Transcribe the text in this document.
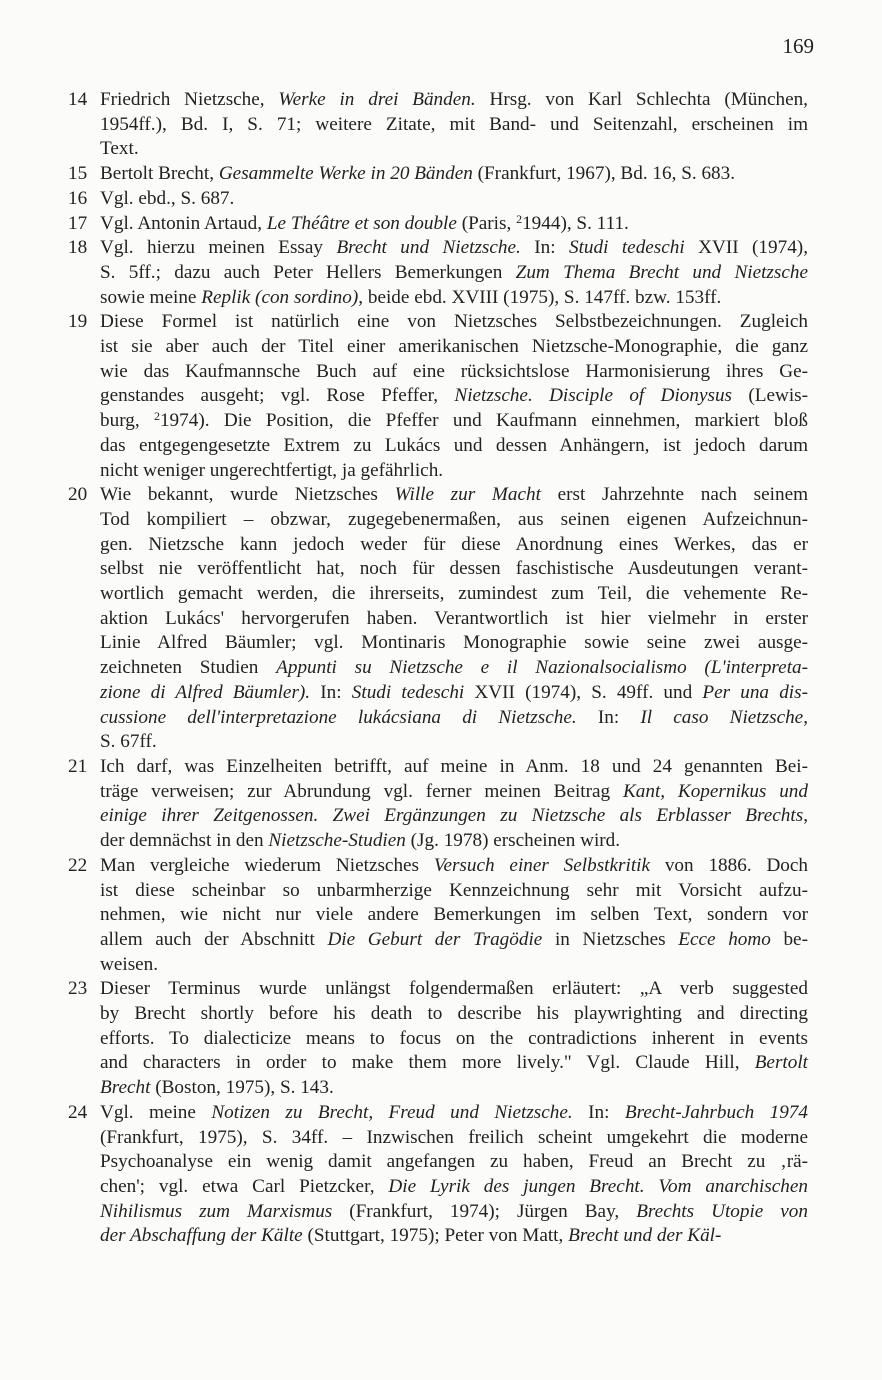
169
14 Friedrich Nietzsche, Werke in drei Bänden. Hrsg. von Karl Schlechta (München,
1954ff.), Bd. I, S. 71; weitere Zitate, mit Band- und Seitenzahl, erscheinen im
Text.
15 Bertolt Brecht, Gesammelte Werke in 20 Bänden (Frankfurt, 1967), Bd. 16, S. 683.
16 Vgl. ebd., S. 687.
17 Vgl. Antonin Artaud, Le Théâtre et son double (Paris, $^2$1944), S. 111.
18 Vgl. hierzu meinen Essay Brecht und Nietzsche. In: Studi tedeschi XVII (1974),
S. 5ff.; dazu auch Peter Hellers Bemerkungen Zum Thema Brecht und Nietzsche
sowie meine Replik (con sordino), beide ebd. XVIII (1975), S. 147ff. bzw. 153ff.
19 Diese Formel ist natürlich eine von Nietzsches Selbstbezeichnungen. Zugleich
ist sie aber auch der Titel einer amerikanischen Nietzsche-Monographie, die ganz
wie das Kaufmannsche Buch auf eine rücksichtslose Harmonisierung ihres Ge-
genstandes ausgeht; vgl. Rose Pfeffer, Nietzsche. Disciple of Dionysus (Lewis-
burg, $^2$1974). Die Position, die Pfeffer und Kaufmann einnehmen, markiert bloß
das entgegengesetzte Extrem zu Lukács und dessen Anhängern, ist jedoch darum
nicht weniger ungerechtfertigt, ja gefährlich.
20 Wie bekannt, wurde Nietzsches Wille zur Macht erst Jahrzehnte nach seinem
Tod kompiliert – obzwar, zugegebenermaßen, aus seinen eigenen Aufzeichnun-
gen. Nietzsche kann jedoch weder für diese Anordnung eines Werkes, das er
selbst nie veröffentlicht hat, noch für dessen faschistische Ausdeutungen verant-
wortlich gemacht werden, die ihrerseits, zumindest zum Teil, die vehemente Re-
aktion Lukács' hervorgerufen haben. Verantwortlich ist hier vielmehr in erster
Linie Alfred Bäumler; vgl. Montinaris Monographie sowie seine zwei ausge-
zeichneten Studien Appunti su Nietzsche e il Nazionalsocialismo (L'interpreta-
zione di Alfred Bäumler). In: Studi tedeschi XVII (1974), S. 49ff. und Per una dis-
cussione dell'interpretazione lukácsiana di Nietzsche. In: Il caso Nietzsche,
S. 67ff.
21 Ich darf, was Einzelheiten betrifft, auf meine in Anm. 18 und 24 genannten Bei-
träge verweisen; zur Abrundung vgl. ferner meinen Beitrag Kant, Kopernikus und
einige ihrer Zeitgenossen. Zwei Ergänzungen zu Nietzsche als Erblasser Brechts,
der demnächst in den Nietzsche-Studien (Jg. 1978) erscheinen wird.
22 Man vergleiche wiederum Nietzsches Versuch einer Selbstkritik von 1886. Doch
ist diese scheinbar so unbarmherzige Kennzeichnung sehr mit Vorsicht aufzu-
nehmen, wie nicht nur viele andere Bemerkungen im selben Text, sondern vor
allem auch der Abschnitt Die Geburt der Tragödie in Nietzsches Ecce homo be-
weisen.
23 Dieser Terminus wurde unlängst folgendermaßen erläutert: „A verb suggested
by Brecht shortly before his death to describe his playwrighting and directing
efforts. To dialecticize means to focus on the contradictions inherent in events
and characters in order to make them more lively." Vgl. Claude Hill, Bertolt
Brecht (Boston, 1975), S. 143.
24 Vgl. meine Notizen zu Brecht, Freud und Nietzsche. In: Brecht-Jahrbuch 1974
(Frankfurt, 1975), S. 34ff. – Inzwischen freilich scheint umgekehrt die moderne
Psychoanalyse ein wenig damit angefangen zu haben, Freud an Brecht zu ‚rä-
chen'; vgl. etwa Carl Pietzcker, Die Lyrik des jungen Brecht. Vom anarchischen
Nihilismus zum Marxismus (Frankfurt, 1974); Jürgen Bay, Brechts Utopie von
der Abschaffung der Kälte (Stuttgart, 1975); Peter von Matt, Brecht und der Käl-
